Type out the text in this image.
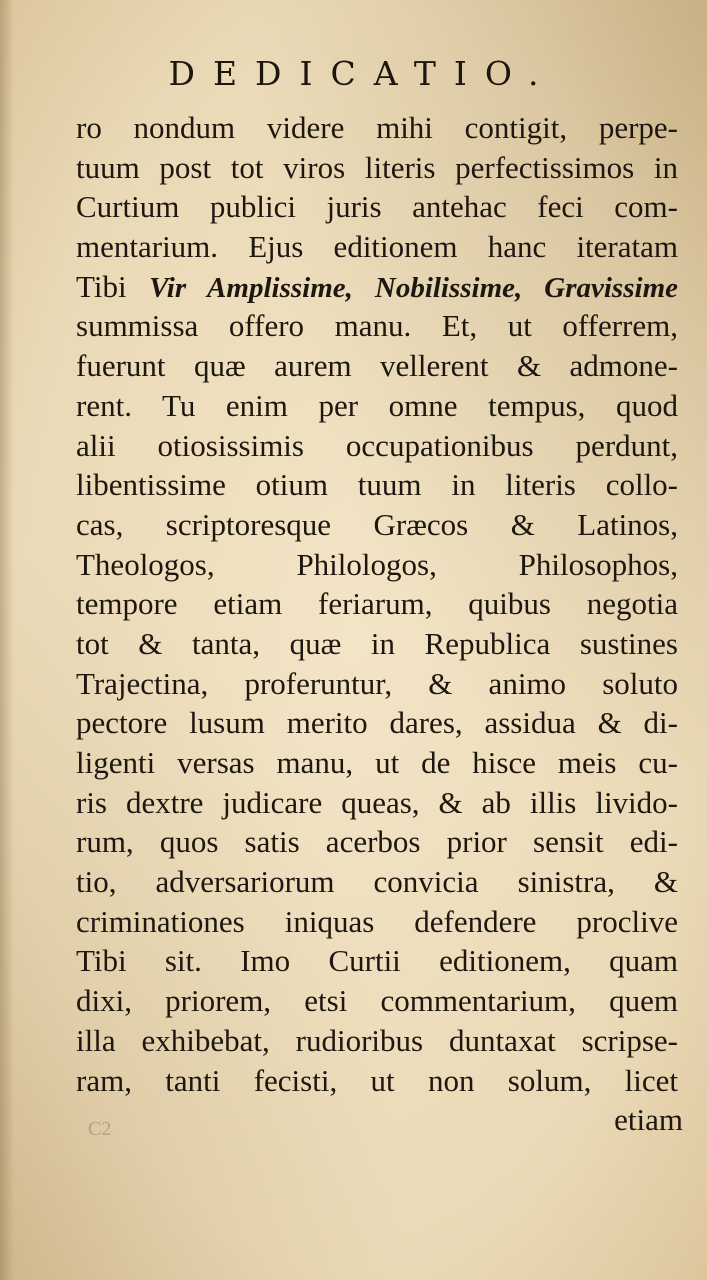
DEDICATIO.
ro nondum videre mihi contigit, perpe-
tuum post tot viros literis perfectissimos in
Curtium publici juris antehac feci com-
mentarium. Ejus editionem hanc iteratam
Tibi Vir Amplissime, Nobilissime, Gravissime
summissa offero manu. Et, ut offerrem,
fuerunt quæ aurem vellerent & admone-
rent. Tu enim per omne tempus, quod
alii otiosissimis occupationibus perdunt,
libentissime otium tuum in literis collo-
cas, scriptoresque Græcos & Latinos,
Theologos, Philologos, Philosophos,
tempore etiam feriarum, quibus negotia
tot & tanta, quæ in Republica sustines
Trajectina, proferuntur, & animo soluto
pectore lusum merito dares, assidua & di-
ligenti versas manu, ut de hisce meis cu-
ris dextre judicare queas, & ab illis livido-
rum, quos satis acerbos prior sensit edi-
tio, adversariorum convicia sinistra, &
criminationes iniquas defendere proclive
Tibi sit. Imo Curtii editionem, quam
dixi, priorem, etsi commentarium, quem
illa exhibebat, rudioribus duntaxat scripse-
ram, tanti fecisti, ut non solum, licet
C2	etiam
